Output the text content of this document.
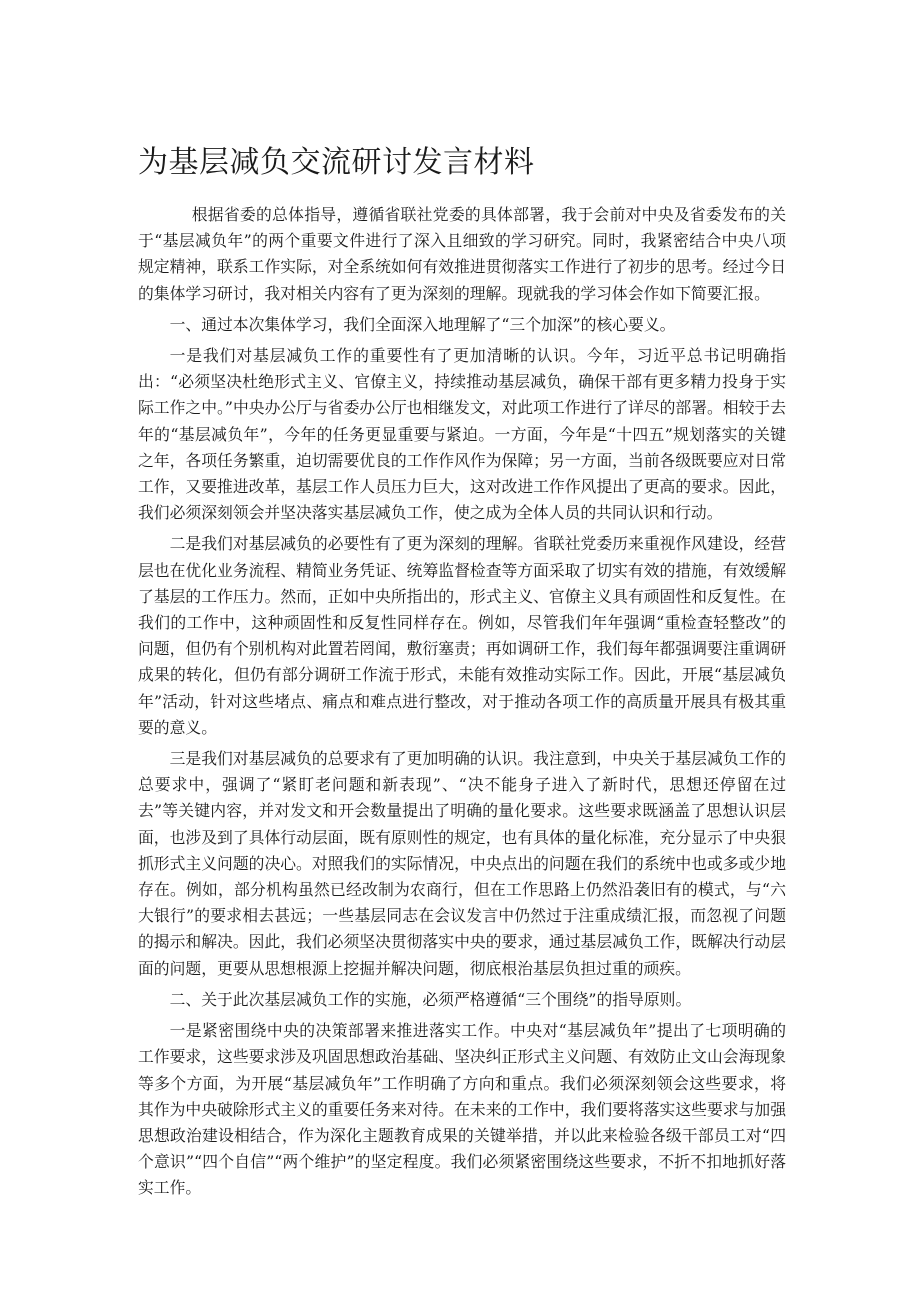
为基层减负交流研讨发言材料

根据省委的总体指导，遵循省联社党委的具体部署，我于会前对中央及省委发布的关于“基层减负年”的两个重要文件进行了深入且细致的学习研究。同时，我紧密结合中央八项规定精神，联系工作实际，对全系统如何有效推进贯彻落实工作进行了初步的思考。经过今日的集体学习研讨，我对相关内容有了更为深刻的理解。现就我的学习体会作如下简要汇报。

一、通过本次集体学习，我们全面深入地理解了“三个加深”的核心要义。

一是我们对基层减负工作的重要性有了更加清晰的认识。今年，习近平总书记明确指出：“必须坚决杜绝形式主义、官僚主义，持续推动基层减负，确保干部有更多精力投身于实际工作之中。”中央办公厅与省委办公厅也相继发文，对此项工作进行了详尽的部署。相较于去年的“基层减负年”，今年的任务更显重要与紧迫。一方面，今年是“十四五”规划落实的关键之年，各项任务繁重，迫切需要优良的工作作风作为保障；另一方面，当前各级既要应对日常工作，又要推进改革，基层工作人员压力巨大，这对改进工作作风提出了更高的要求。因此，我们必须深刻领会并坚决落实基层减负工作，使之成为全体人员的共同认识和行动。

二是我们对基层减负的必要性有了更为深刻的理解。省联社党委历来重视作风建设，经营层也在优化业务流程、精简业务凭证、统筹监督检查等方面采取了切实有效的措施，有效缓解了基层的工作压力。然而，正如中央所指出的，形式主义、官僚主义具有顽固性和反复性。在我们的工作中，这种顽固性和反复性同样存在。例如，尽管我们年年强调“重检查轻整改”的问题，但仍有个别机构对此置若罔闻，敷衍塞责；再如调研工作，我们每年都强调要注重调研成果的转化，但仍有部分调研工作流于形式，未能有效推动实际工作。因此，开展“基层减负年”活动，针对这些堵点、痛点和难点进行整改，对于推动各项工作的高质量开展具有极其重要的意义。

三是我们对基层减负的总要求有了更加明确的认识。我注意到，中央关于基层减负工作的总要求中，强调了“紧盯老问题和新表现”、“决不能身子进入了新时代，思想还停留在过去”等关键内容，并对发文和开会数量提出了明确的量化要求。这些要求既涵盖了思想认识层面，也涉及到了具体行动层面，既有原则性的规定，也有具体的量化标准，充分显示了中央狠抓形式主义问题的决心。对照我们的实际情况，中央点出的问题在我们的系统中也或多或少地存在。例如，部分机构虽然已经改制为农商行，但在工作思路上仍然沿袭旧有的模式，与“六大银行”的要求相去甚远；一些基层同志在会议发言中仍然过于注重成绩汇报，而忽视了问题的揭示和解决。因此，我们必须坚决贯彻落实中央的要求，通过基层减负工作，既解决行动层面的问题，更要从思想根源上挖掘并解决问题，彻底根治基层负担过重的顽疾。

二、关于此次基层减负工作的实施，必须严格遵循“三个围绕”的指导原则。

一是紧密围绕中央的决策部署来推进落实工作。中央对“基层减负年”提出了七项明确的工作要求，这些要求涉及巩固思想政治基础、坚决纠正形式主义问题、有效防止文山会海现象等多个方面，为开展“基层减负年”工作明确了方向和重点。我们必须深刻领会这些要求，将其作为中央破除形式主义的重要任务来对待。在未来的工作中，我们要将落实这些要求与加强思想政治建设相结合，作为深化主题教育成果的关键举措，并以此来检验各级干部员工对“四个意识”“四个自信”“两个维护”的坚定程度。我们必须紧密围绕这些要求，不折不扣地抓好落实工作。
